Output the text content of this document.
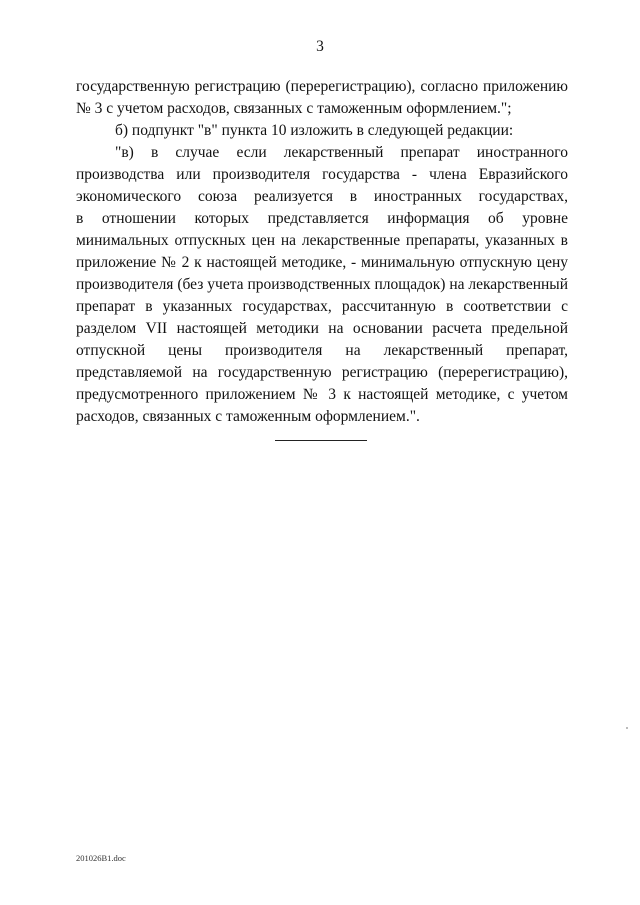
3

государственную регистрацию (перерегистрацию), согласно приложению
№ 3 с учетом расходов, связанных с таможенным оформлением.";

б) подпункт "в" пункта 10 изложить в следующей редакции:

"в) в случае если лекарственный препарат иностранного
производства или производителя государства - члена Евразийского
экономического союза реализуется в иностранных государствах,
в отношении которых представляется информация об уровне
минимальных отпускных цен на лекарственные препараты, указанных в
приложение № 2 к настоящей методике, - минимальную отпускную цену
производителя (без учета производственных площадок) на лекарственный
препарат в указанных государствах, рассчитанную в соответствии с
разделом VII настоящей методики на основании расчета предельной
отпускной цены производителя на лекарственный препарат,
представляемой на государственную регистрацию (перерегистрацию),
предусмотренного приложением № 3 к настоящей методике, с учетом
расходов, связанных с таможенным оформлением.".

201026B1.doc
